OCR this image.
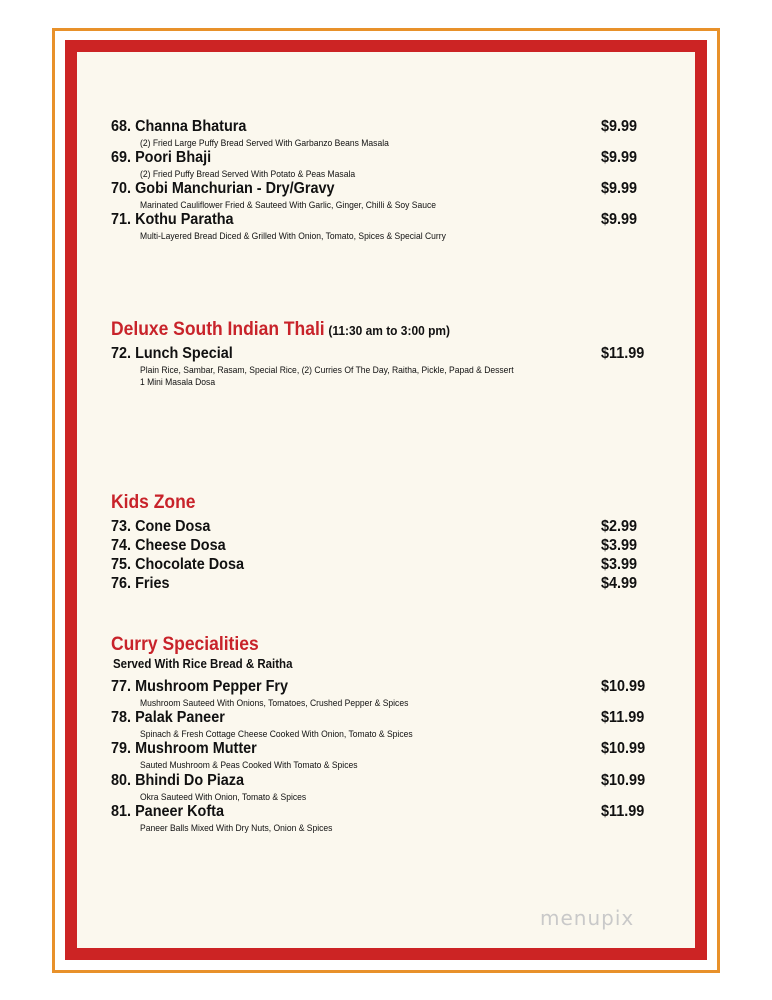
68. Channa Bhatura	$9.99
(2) Fried Large Puffy Bread Served With Garbanzo Beans Masala
69. Poori Bhaji	$9.99
(2) Fried Puffy Bread Served With Potato & Peas Masala
70. Gobi Manchurian - Dry/Gravy	$9.99
Marinated Cauliflower Fried & Sauteed With Garlic, Ginger, Chilli & Soy Sauce
71. Kothu Paratha	$9.99
Multi-Layered Bread Diced & Grilled With Onion, Tomato, Spices & Special Curry
Deluxe South Indian Thali (11:30 am to 3:00 pm)
72. Lunch Special	$11.99
Plain Rice, Sambar, Rasam, Special Rice, (2) Curries Of The Day, Raitha, Pickle, Papad & Dessert
1 Mini Masala Dosa
Kids Zone
73. Cone Dosa	$2.99
74. Cheese Dosa	$3.99
75. Chocolate Dosa	$3.99
76. Fries	$4.99
Curry Specialities
Served With Rice Bread & Raitha
77. Mushroom Pepper Fry	$10.99
Mushroom Sauteed With Onions, Tomatoes, Crushed Pepper & Spices
78. Palak Paneer	$11.99
Spinach & Fresh Cottage Cheese Cooked With Onion, Tomato & Spices
79. Mushroom Mutter	$10.99
Sauted Mushroom & Peas Cooked With Tomato & Spices
80. Bhindi Do Piaza	$10.99
Okra Sauteed With Onion, Tomato & Spices
81. Paneer Kofta	$11.99
Paneer Balls Mixed With Dry Nuts, Onion & Spices
menupix
